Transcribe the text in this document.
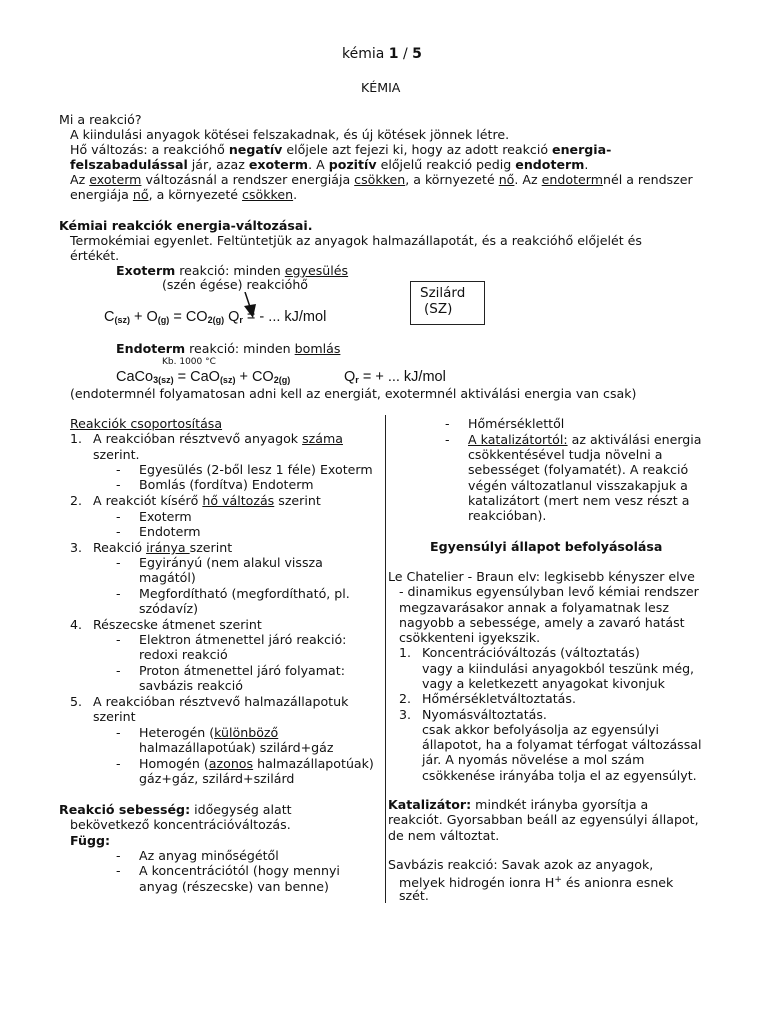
kémia 1 / 5
KÉMIA
Mi a reakció?
A kiindulási anyagok kötései felszakadnak, és új kötések jönnek létre.
Hő változás: a reakcióhő negatív előjele azt fejezi ki, hogy az adott reakció energia-
felszabadulással jár, azaz exoterm. A pozitív előjelű reakció pedig endoterm.
Az exoterm változásnál a rendszer energiája csökken, a környezeté nő. Az endotermnél a rendszer
energiája nő, a környezeté csökken.
Kémiai reakciók energia-változásai.
Termokémiai egyenlet. Feltüntetjük az anyagok halmazállapotát, és a reakcióhő előjelét és
értékét.
Exoterm reakció: minden egyesülés
(szén égése) reakcióhő
$C_{(sz)} + O_{(g)} = CO_{2(g)}$ $Q_r$ = - ... kJ/mol
Szilárd
(SZ)
Endoterm reakció: minden bomlás
Kb. 1000 °C
CaCo$_{3(sz)}$ = $CaO_{(sz)} + CO_{2(g)}$	$Q_r$ = + ... kJ/mol
(endotermnél folyamatosan adni kell az energiát, exotermnél aktiválási energia van csak)
Reakciók csoportosítása
1. A reakcióban résztvevő anyagok száma
szerint.
- Egyesülés (2-ből lesz 1 féle) Exoterm
- Bomlás (fordítva) Endoterm
2. A reakciót kísérő hő változás szerint
- Exoterm
- Endoterm
3. Reakció iránya szerint
- Egyirányú (nem alakul vissza
magától)
- Megfordítható (megfordítható, pl.
szódavíz)
4. Részecske átmenet szerint
- Elektron átmenettel járó reakció:
redoxi reakció
- Proton átmenettel járó folyamat:
savbázis reakció
5. A reakcióban résztvevő halmazállapotuk
szerint
- Heterogén (különböző
halmazállapotúak) szilárd+gáz
- Homogén (azonos halmazállapotúak)
gáz+gáz, szilárd+szilárd
Reakció sebesség: időegység alatt
bekövetkező koncentrációváltozás.
Függ:
- Az anyag minőségétől
- A koncentrációtól (hogy mennyi
anyag (részecske) van benne)
- Hőmérséklettől
- A katalizátortól: az aktiválási energia
csökkentésével tudja növelni a
sebességet (folyamatét). A reakció
végén változatlanul visszakapjuk a
katalizátort (mert nem vesz részt a
reakcióban).
Egyensúlyi állapot befolyásolása
Le Chatelier - Braun elv: legkisebb kényszer elve
- dinamikus egyensúlyban levő kémiai rendszer
megzavarásakor annak a folyamatnak lesz
nagyobb a sebessége, amely a zavaró hatást
csökkenteni igyekszik.
1. Koncentrációváltozás (változtatás)
vagy a kiindulási anyagokból teszünk még,
vagy a keletkezett anyagokat kivonjuk
2. Hőmérsékletváltoztatás.
3. Nyomásváltoztatás.
csak akkor befolyásolja az egyensúlyi
állapotot, ha a folyamat térfogat változással
jár. A nyomás növelése a mol szám
csökkenése irányába tolja el az egyensúlyt.
Katalizátor: mindkét irányba gyorsítja a
reakciót. Gyorsabban beáll az egyensúlyi állapot,
de nem változtat.
Savbázis reakció: Savak azok az anyagok,
melyek hidrogén ionra H+ és anionra esnek
szét.
